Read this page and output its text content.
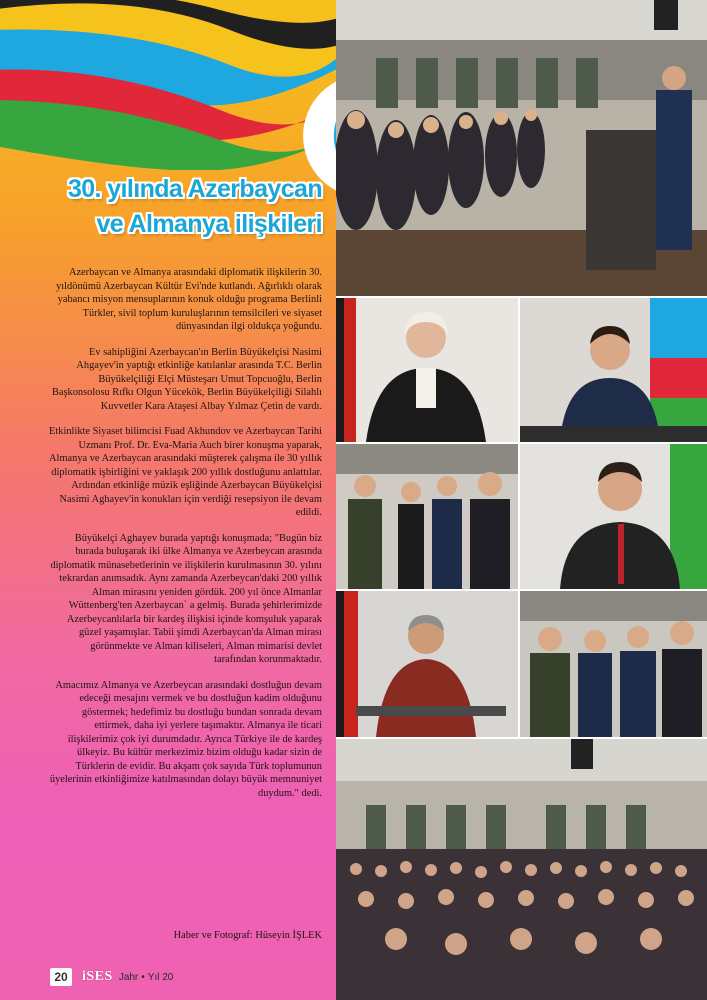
30. yılında Azerbaycan
ve Almanya ilişkileri

Azerbaycan ve Almanya arasındaki diplomatik ilişkilerin 30. yıldönümü Azerbaycan Kültür Evi'nde kutlandı. Ağırlıklı olarak yabancı misyon mensuplarının konuk olduğu programa Berlinli Türkler, sivil toplum kuruluşlarının temsilcileri ve siyaset dünyasından ilgi oldukça yoğundu.

Ev sahipliğini Azerbaycan'ın Berlin Büyükelçisi Nasimi Ahgayev'in yaptığı etkinliğe katılanlar arasında T.C. Berlin Büyükelçiliği Elçi Müsteşarı Umut Topcuoğlu, Berlin Başkonsolosu Rıfkı Olgun Yücekök, Berlin Büyükelçiliği Silahlı Kuvvetler Kara Ataşesi Albay Yılmaz Çetin de vardı.

Etkinlikte Siyaset bilimcisi Fuad Akhundov ve Azerbaycan Tarihi Uzmanı Prof. Dr. Eva-Maria Auch birer konuşma yaparak, Almanya ve Azerbaycan arasındaki müşterek çalışma ile 30 yıllık diplomatik işbirliğini ve yaklaşık 200 yıllık dostluğunu anlattılar. Ardından etkinliğe müzik eşliğinde Azerbaycan Büyükelçisi Nasimi Aghayev'in konukları için verdiği resepsiyon ile devam edildi.

Büyükelçi Aghayev burada yaptığı konuşmada; "Bugün biz burada buluşarak iki ülke Almanya ve Azerbeycan arasında diplomatik münasebetlerinin ve ilişkilerin kurulmasının 30. yılını tekrardan anımsadık. Aynı zamanda Azerbeycan'daki 200 yıllık Alman mirasını yeniden gördük. 200 yıl önce Almanlar Wüttenberg'ten Azerbaycan` a gelmiş. Burada şehirlerimizde Azerbeycanlılarla bir kardeş ilişkisi içinde komşuluk yaparak güzel yaşamışlar. Tabii şimdi Azerbaycan'da Alman mirası görünmekte ve Alman kiliseleri, Alman mimarisi devlet tarafından korunmaktadır.

Amacımız Almanya ve Azerbeycan arasındaki dostluğun devam edeceği mesajını vermek ve bu dostluğun kadim olduğunu göstermek; hedefimiz bu dostluğu bundan sonrada devam ettirmek, daha iyi yerlere taşımaktır. Almanya ile ticari ilişkilerimiz çok iyi durumdadır. Ayrıca Türkiye ile de kardeş ülkeyiz. Bu kültür merkezimiz bizim olduğu kadar sizin de Türklerin de evidir. Bu akşam çok sayıda Türk toplumunun üyelerinin etkinliğimize katılmasından dolayı büyük memnuniyet duydum." dedi.

Haber ve Fotograf: Hüseyin İŞLEK
20	iSES Jahr • Yıl 20
